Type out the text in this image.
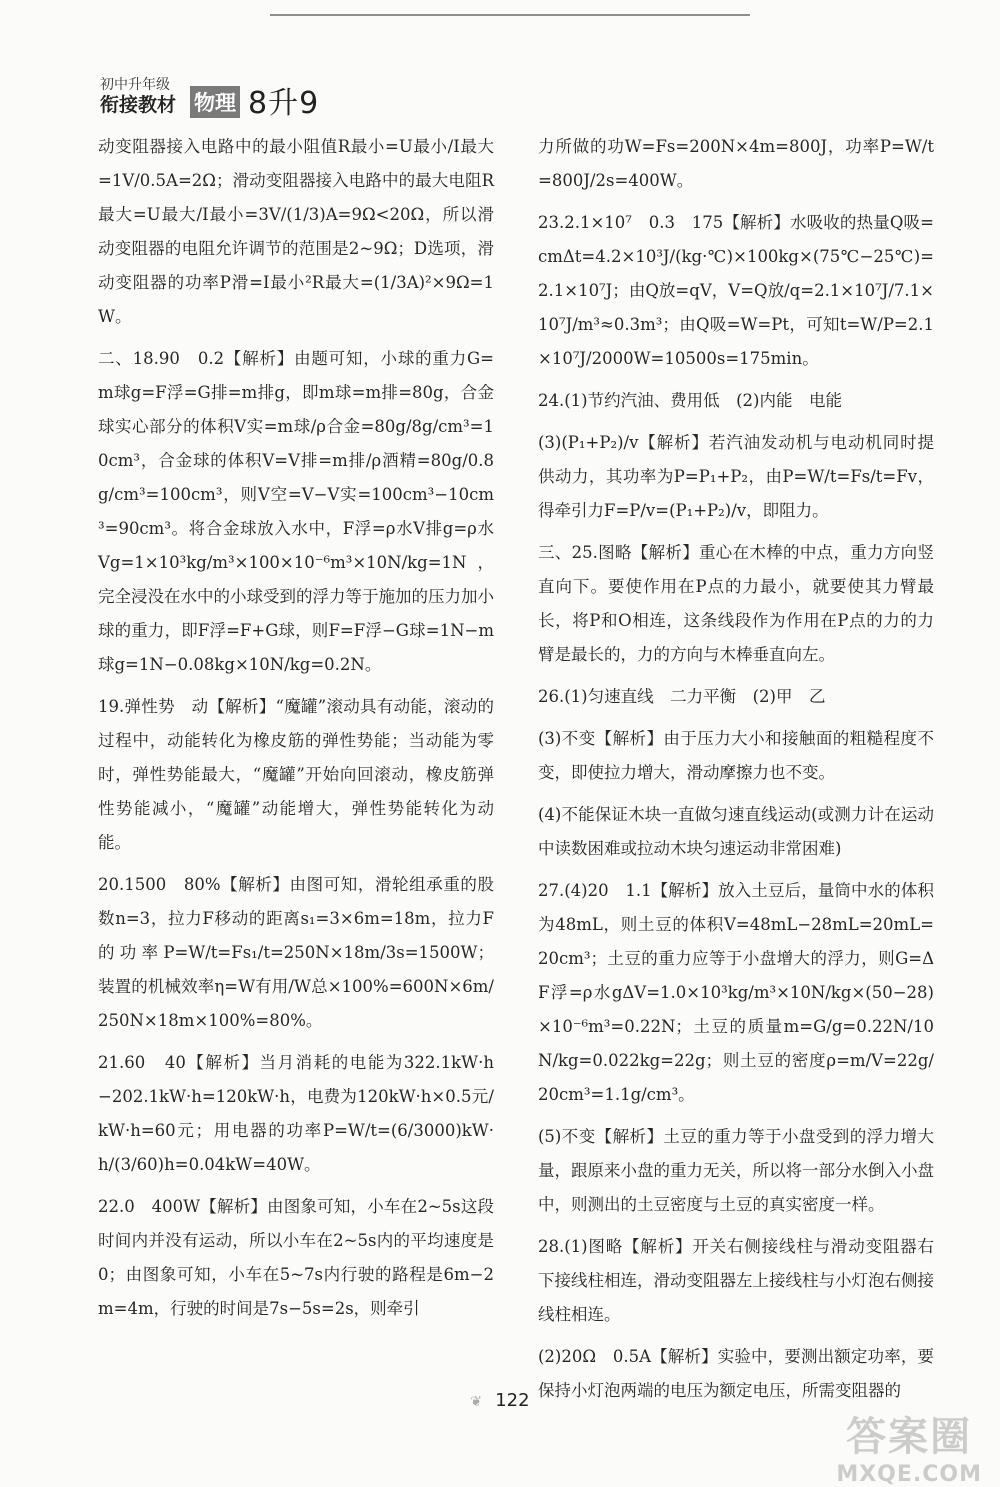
初中升年级
衔接教材 物理 8升9

动变阻器接入电路中的最小阻值R最小=U最小/I最大=1V/0.5A=2Ω；滑动变阻器接入电路中的最大电阻R最大=U最大/I最小=3V/(1/3)A=9Ω<20Ω，所以滑动变阻器的电阻允许调节的范围是2~9Ω；D选项，滑动变阻器的功率P滑=I最小²R最大=(1/3A)²×9Ω=1W。

二、18.90　0.2【解析】由题可知，小球的重力G=m球g=F浮=G排=m排g，即m球=m排=80g，合金球实心部分的体积V实=m球/ρ合金=80g/8g/cm³=10cm³，合金球的体积V=V排=m排/ρ酒精=80g/0.8g/cm³=100cm³，则V空=V−V实=100cm³−10cm³=90cm³。将合金球放入水中，F浮=ρ水V排g=ρ水Vg=1×10³kg/m³×100×10⁻⁶m³×10N/kg=1N，完全浸没在水中的小球受到的浮力等于施加的压力加小球的重力，即F浮=F+G球，则F=F浮−G球=1N−m球g=1N−0.08kg×10N/kg=0.2N。

19.弹性势　动【解析】“魔罐”滚动具有动能，滚动的过程中，动能转化为橡皮筋的弹性势能；当动能为零时，弹性势能最大，“魔罐”开始向回滚动，橡皮筋弹性势能减小，“魔罐”动能增大，弹性势能转化为动能。

20.1500　80%【解析】由图可知，滑轮组承重的股数n=3，拉力F移动的距离s₁=3×6m=18m，拉力F的功率P=W/t=Fs₁/t=250N×18m/3s=1500W；装置的机械效率η=W有用/W总×100%=600N×6m/250N×18m×100%=80%。

21.60　40【解析】当月消耗的电能为322.1kW·h−202.1kW·h=120kW·h，电费为120kW·h×0.5元/kW·h=60元；用电器的功率P=W/t=(6/3000)kW·h/(3/60)h=0.04kW=40W。

22.0　400W【解析】由图象可知，小车在2~5s这段时间内并没有运动，所以小车在2~5s内的平均速度是0；由图象可知，小车在5~7s内行驶的路程是6m−2m=4m，行驶的时间是7s−5s=2s，则牵引

力所做的功W=Fs=200N×4m=800J，功率P=W/t=800J/2s=400W。

23.2.1×10⁷　0.3　175【解析】水吸收的热量Q吸=cmΔt=4.2×10³J/(kg·℃)×100kg×(75℃−25℃)=2.1×10⁷J；由Q放=qV，V=Q放/q=2.1×10⁷J/7.1×10⁷J/m³≈0.3m³；由Q吸=W=Pt，可知t=W/P=2.1×10⁷J/2000W=10500s=175min。

24.(1)节约汽油、费用低　(2)内能　电能

(3)(P₁+P₂)/v【解析】若汽油发动机与电动机同时提供动力，其功率为P=P₁+P₂，由P=W/t=Fs/t=Fv，得牵引力F=P/v=(P₁+P₂)/v，即阻力。

三、25.图略【解析】重心在木棒的中点，重力方向竖直向下。要使作用在P点的力最小，就要使其力臂最长，将P和O相连，这条线段作为作用在P点的力的力臂是最长的，力的方向与木棒垂直向左。

26.(1)匀速直线　二力平衡　(2)甲　乙

(3)不变【解析】由于压力大小和接触面的粗糙程度不变，即使拉力增大，滑动摩擦力也不变。

(4)不能保证木块一直做匀速直线运动(或测力计在运动中读数困难或拉动木块匀速运动非常困难)

27.(4)20　1.1【解析】放入土豆后，量筒中水的体积为48mL，则土豆的体积V=48mL−28mL=20mL=20cm³；土豆的重力应等于小盘增大的浮力，则G=ΔF浮=ρ水gΔV=1.0×10³kg/m³×10N/kg×(50−28)×10⁻⁶m³=0.22N；土豆的质量m=G/g=0.22N/10N/kg=0.022kg=22g；则土豆的密度ρ=m/V=22g/20cm³=1.1g/cm³。

(5)不变【解析】土豆的重力等于小盘受到的浮力增大量，跟原来小盘的重力无关，所以将一部分水倒入小盘中，则测出的土豆密度与土豆的真实密度一样。

28.(1)图略【解析】开关右侧接线柱与滑动变阻器右下接线柱相连，滑动变阻器左上接线柱与小灯泡右侧接线柱相连。

(2)20Ω　0.5A【解析】实验中，要测出额定功率，要保持小灯泡两端的电压为额定电压，所需变阻器的

❦ 122
答案圈
MXQE.COM
